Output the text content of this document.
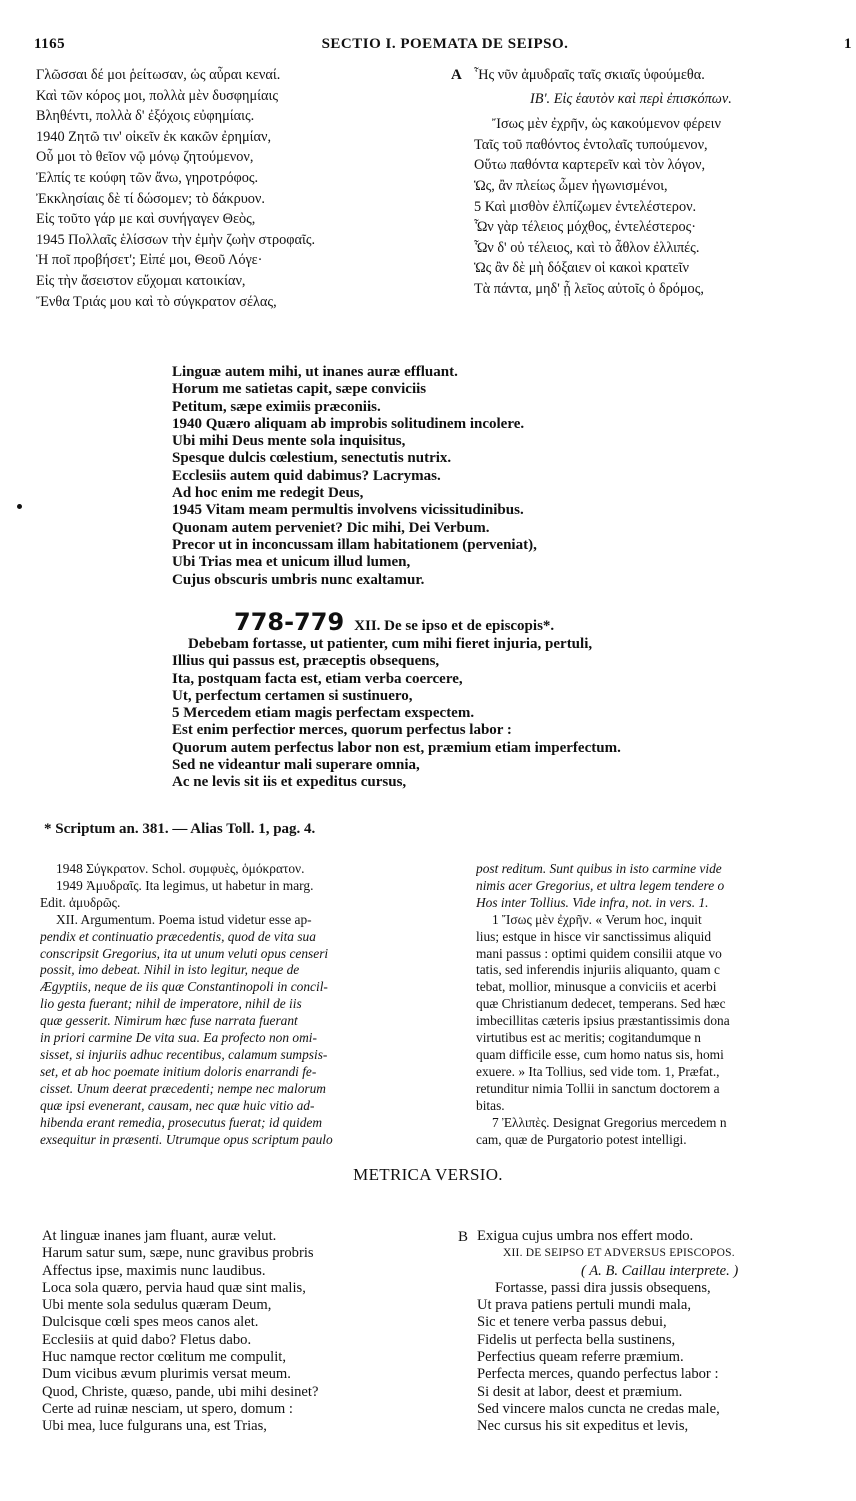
1165	SECTIO I. POEMATA DE SEIPSO.	1
Γλῶσσαι δέ μοι ῥείτωσαν, ὡς αὖραι κεναί.
Καὶ τῶν κόρος μοι, πολλὰ μὲν δυσφημίαις
Βληθέντι, πολλὰ δ' ἐξόχοις εὐφημίαις.
1940 Ζητῶ τιν' οἰκεῖν ἐκ κακῶν ἐρημίαν,
Οὗ μοι τὸ θεῖον νῷ μόνῳ ζητούμενον,
Ἐλπίς τε κούφη τῶν ἄνω, γηροτρόφος.
Ἐκκλησίαις δὲ τί δώσομεν; τὸ δάκρυον.
Εἰς τοῦτο γάρ με καὶ συνήγαγεν Θεὸς,
1945 Πολλαῖς ἑλίσσων τὴν ἐμὴν ζωὴν στροφαῖς.
Ἡ ποῖ προβήσετ'; Εἰπέ μοι, Θεοῦ Λόγε·
Εἰς τὴν ἄσειστον εὔχομαι κατοικίαν,
Ἔνθα Τριάς μου καὶ τὸ σύγκρατον σέλας,
A Ἧς νῦν ἀμυδραῖς ταῖς σκιαῖς ὑφούμεθα.
ΙΒ'. Εἰς ἑαυτὸν καὶ περὶ ἐπισκόπων.
Ἴσως μὲν ἐχρῆν, ὡς κακούμενον φέρειν
Ταῖς τοῦ παθόντος ἐντολαῖς τυπούμενον,
Οὕτω παθόντα καρτερεῖν καὶ τὸν λόγον,
Ὡς, ἂν πλείως ὦμεν ἠγωνισμένοι,
5 Καὶ μισθὸν ἐλπίζωμεν ἐντελέστερον.
Ὧν γὰρ τέλειος μόχθος, ἐντελέστερος·
Ὧν δ' οὐ τέλειος, καὶ τὸ ἆθλον ἐλλιπές.
Ὡς ἂν δὲ μὴ δόξαιεν οἱ κακοὶ κρατεῖν
Τὰ πάντα, μηδ' ᾖ λεῖος αὐτοῖς ὁ δρόμος,
Linguæ autem mihi, ut inanes auræ effluant.
Horum me satietas capit, sæpe conviciis
Petitum, sæpe eximiis præconiis.
1940 Quæro aliquam ab improbis solitudinem incolere.
Ubi mihi Deus mente sola inquisitus,
Spesque dulcis cœlestium, senectutis nutrix.
Ecclesiis autem quid dabimus? Lacrymas.
Ad hoc enim me redegit Deus,
1945 Vitam meam permultis involvens vicissitudinibus.
Quonam autem perveniet? Dic mihi, Dei Verbum.
Precor ut in inconcussam illam habitationem (perveniat),
Ubi Trias mea et unicum illud lumen,
Cujus obscuris umbris nunc exaltamur.
778-779 XII. De se ipso et de episcopis*.
Debebam fortasse, ut patienter, cum mihi fieret injuria, pertuli,
Illius qui passus est, præceptis obsequens,
Ita, postquam facta est, etiam verba coercere,
Ut, perfectum certamen si sustinuero,
5 Mercedem etiam magis perfectam exspectem.
Est enim perfectior merces, quorum perfectus labor :
Quorum autem perfectus labor non est, præmium etiam imperfectum.
Sed ne videantur mali superare omnia,
Ac ne levis sit iis et expeditus cursus,
* Scriptum an. 381. — Alias Toll. 1, pag. 4.
1948 Σύγκρατον. Schol. συμφυὲς, ὁμόκρατον.
1949 Ἀμυδραῖς. Ita legimus, ut habetur in marg.
Edit. ἀμυδρῶς.
XII. Argumentum. Poema istud videtur esse ap-
pendix et continuatio præcedentis, quod de vita sua
conscripsit Gregorius, ita ut unum veluti opus censeri
possit, imo debeat. Nihil in isto legitur, neque de
Ægyptiis, neque de iis quæ Constantinopoli in concil-
lio gesta fuerant; nihil de imperatore, nihil de iis
quæ gesserit. Nimirum hæc fuse narrata fuerant
in priori carmine De vita sua. Ea profecto non omi-
sisset, si injuriis adhuc recentibus, calamum sumpsis-
set, et ab hoc poemate initium doloris enarrandi fe-
cisset. Unum deerat præcedenti; nempe nec malorum
quæ ipsi evenerant, causam, nec quæ huic vitio ad-
hibenda erant remedia, prosecutus fuerat; id quidem
exsequitur in præsenti. Utrumque opus scriptum paulo
post reditum. Sunt quibus in isto carmine vide
nimis acer Gregorius, et ultra legem tendere o
Hos inter Tollius. Vide infra, not. in vers. 1.
1 Ἴσως μὲν ἐχρῆν. « Verum hoc, inquit
lius; estque in hisce vir sanctissimus aliquid
mani passus : optimi quidem consilii atque vo
tatis, sed inferendis injuriis aliquanto, quam c
tebat, mollior, minusque a conviciis et acerbi
quæ Christianum dedecet, temperans. Sed hæc
imbecillitas cæteris ipsius præstantissimis dona
virtutibus est ac meritis; cogitandumque n
quam difficile esse, cum homo natus sis, homi
exuere. » Ita Tollius, sed vide tom. 1, Præfat.,
retunditur nimia Tollii in sanctum doctorem a
bitas.
7 Ἐλλιπὲς. Designat Gregorius mercedem n
cam, quæ de Purgatorio potest intelligi.
METRICA VERSIO.
At linguæ inanes jam fluant, auræ velut.
Harum satur sum, sæpe, nunc gravibus probris
Affectus ipse, maximis nunc laudibus.
Loca sola quæro, pervia haud quæ sint malis,
Ubi mente sola sedulus quæram Deum,
Dulcisque cœli spes meos canos alet.
Ecclesiis at quid dabo? Fletus dabo.
Huc namque rector cœlitum me compulit,
Dum vicibus ævum plurimis versat meum.
Quod, Christe, quæso, pande, ubi mihi desinet?
Certe ad ruinæ nesciam, ut spero, domum :
Ubi mea, luce fulgurans una, est Trias,
B Exigua cujus umbra nos effert modo.
XII. DE SEIPSO ET ADVERSUS EPISCOPOS.
( A. B. Caillau interprete. )
Fortasse, passi dira jussis obsequens,
Ut prava patiens pertuli mundi mala,
Sic et tenere verba passus debui,
Fidelis ut perfecta bella sustinens,
Perfectius queam referre præmium.
Perfecta merces, quando perfectus labor :
Si desit at labor, deest et præmium.
Sed vincere malos cuncta ne credas male,
Nec cursus his sit expeditus et levis,
